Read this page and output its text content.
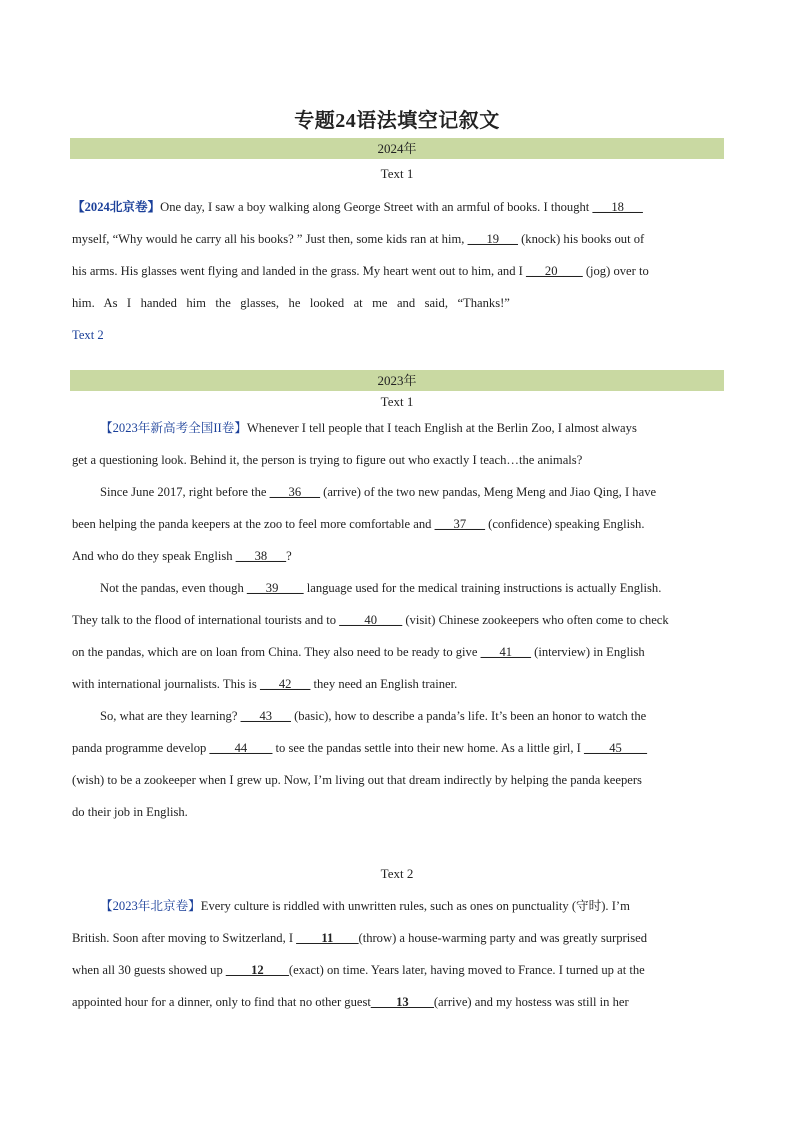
专题24语法填空记叙文
2024年
Text 1
【2024北京卷】One day, I saw a boy walking along George Street with an armful of books. I thought ___18___
myself, “Why would he carry all his books? ” Just then, some kids ran at him, ___19___ (knock) his books out of
his arms. His glasses went flying and landed in the grass. My heart went out to him, and I ___20____ (jog) over to
him.   As   I   handed   him   the   glasses,   he   looked   at   me   and   said,   “Thanks!”
Text 2
2023年
Text 1
【2023年新高考全国II卷】Whenever I tell people that I teach English at the Berlin Zoo, I almost always
get a questioning look. Behind it, the person is trying to figure out who exactly I teach…the animals?
Since June 2017, right before the ___36___ (arrive) of the two new pandas, Meng Meng and Jiao Qing, I have
been helping the panda keepers at the zoo to feel more comfortable and ___37___ (confidence) speaking English.
And who do they speak English ___38___?
Not the pandas, even though ___39____ language used for the medical training instructions is actually English.
They talk to the flood of international tourists and to ____40____ (visit) Chinese zookeepers who often come to check
on the pandas, which are on loan from China. They also need to be ready to give ___41___ (interview) in English
with international journalists. This is ___42___ they need an English trainer.
So, what are they learning? ___43___ (basic), how to describe a panda’s life. It’s been an honor to watch the
panda programme develop ____44____ to see the pandas settle into their new home. As a little girl, I ____45____
(wish) to be a zookeeper when I grew up. Now, I’m living out that dream indirectly by helping the panda keepers
do their job in English.
Text 2
【2023年北京卷】Every culture is riddled with unwritten rules, such as ones on punctuality (守时). I’m
British. Soon after moving to Switzerland, I ____11____(throw) a house-warming party and was greatly surprised
when all 30 guests showed up ____12____(exact) on time. Years later, having moved to France. I turned up at the
appointed hour for a dinner, only to find that no other guest____13____(arrive) and my hostess was still in her
